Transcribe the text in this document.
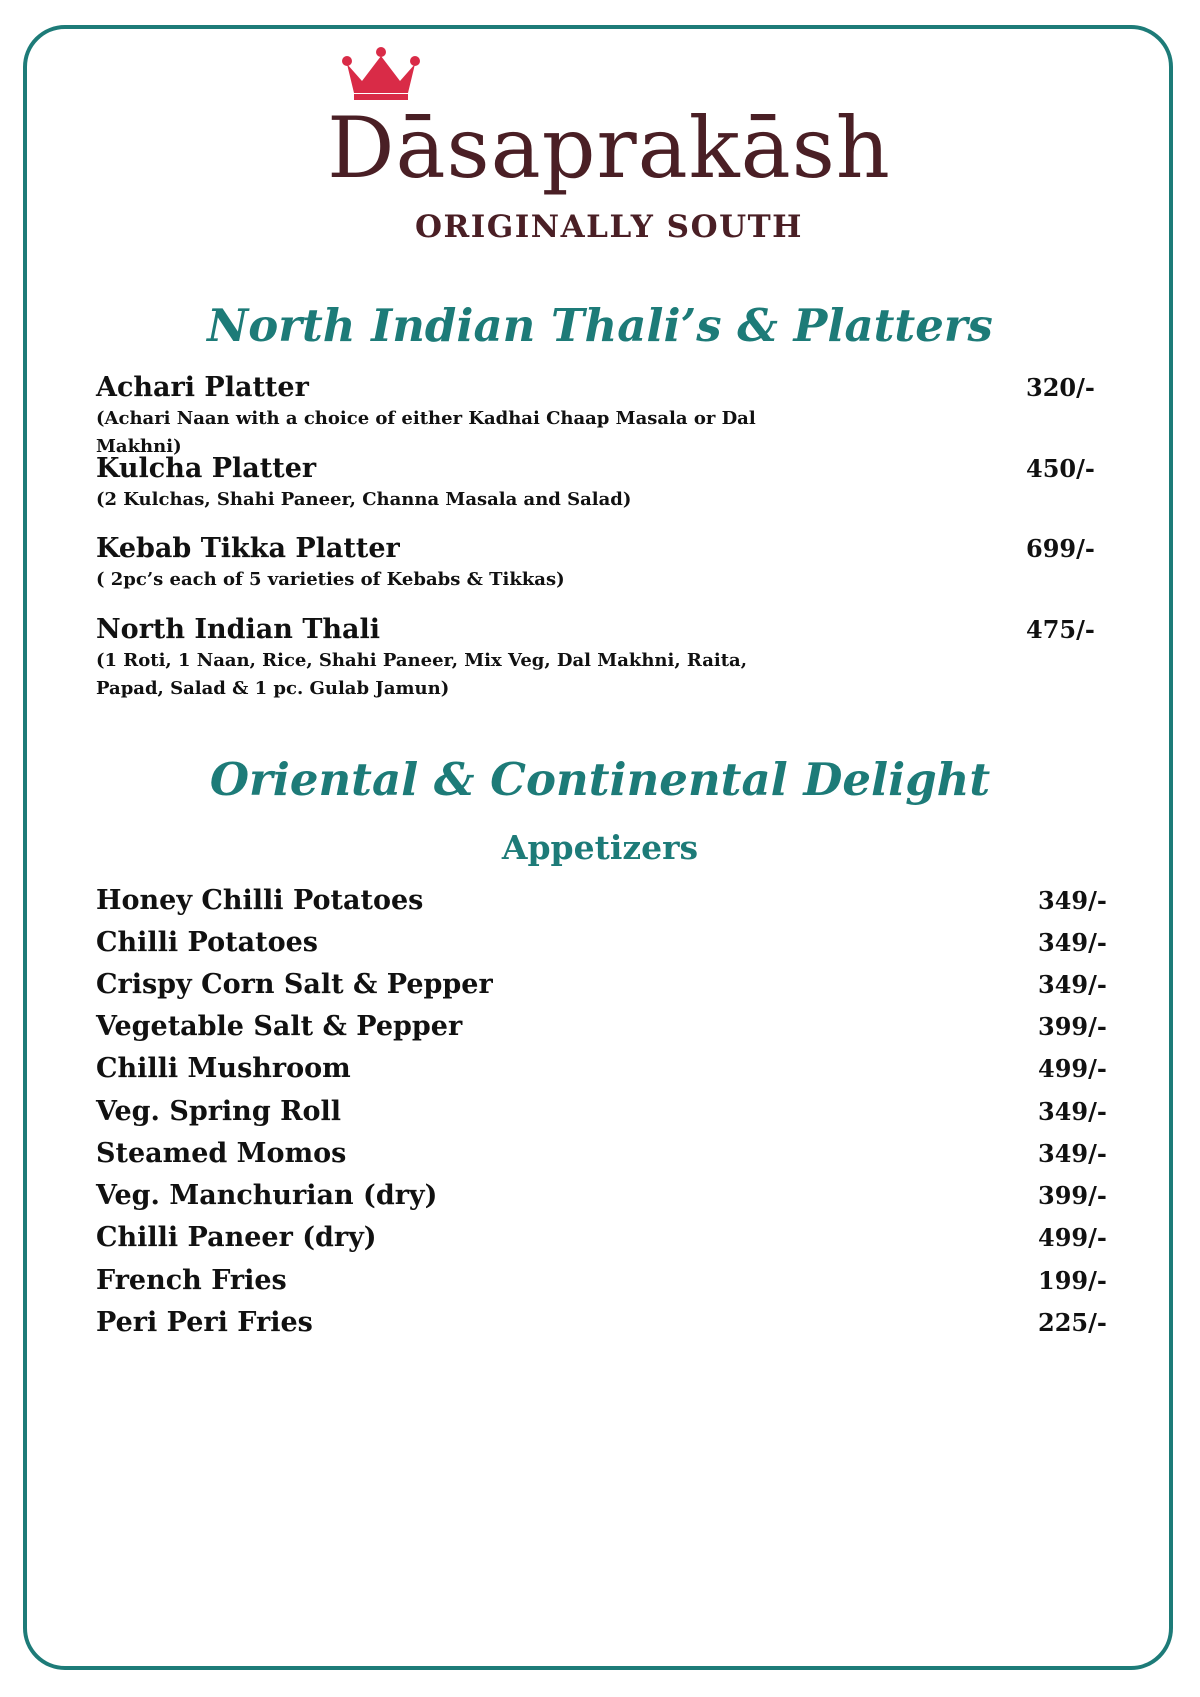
Dāsaprakāsh
ORIGINALLY SOUTH
North Indian Thali’s & Platters
Achari Platter
(Achari Naan with a choice of either Kadhai Chaap Masala or Dal Makhni)
320/-
Kulcha Platter
(2 Kulchas, Shahi Paneer, Channa Masala and Salad)
450/-
Kebab Tikka Platter
( 2pc’s each of 5 varieties of Kebabs & Tikkas)
699/-
North Indian Thali
(1 Roti, 1 Naan, Rice, Shahi Paneer, Mix Veg, Dal Makhni, Raita, Papad, Salad & 1 pc. Gulab Jamun)
475/-
Oriental & Continental Delight
Appetizers
Honey Chilli Potatoes	349/-
Chilli Potatoes	349/-
Crispy Corn Salt & Pepper	349/-
Vegetable Salt & Pepper	399/-
Chilli Mushroom	499/-
Veg. Spring Roll	349/-
Steamed Momos	349/-
Veg. Manchurian (dry)	399/-
Chilli Paneer (dry)	499/-
French Fries	199/-
Peri Peri Fries	225/-
